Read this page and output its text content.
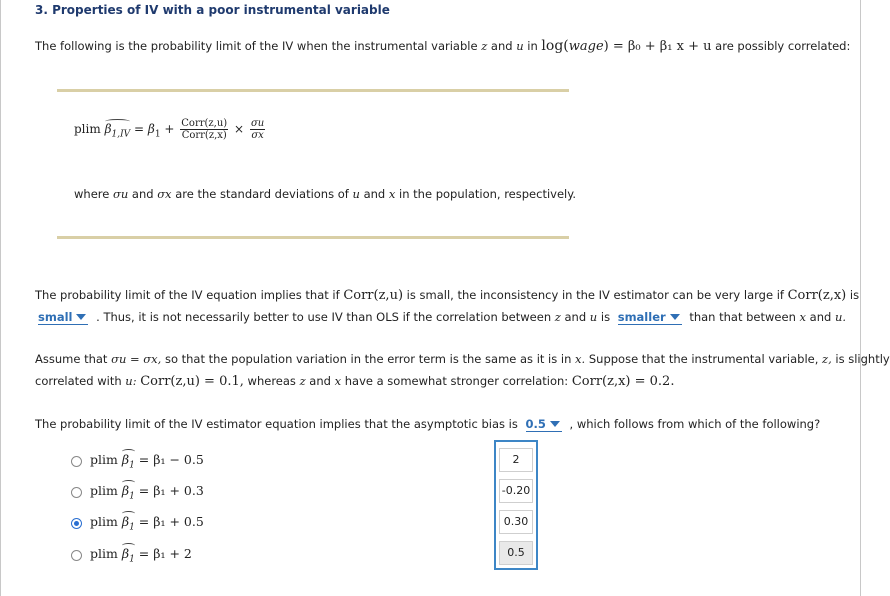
3. Properties of IV with a poor instrumental variable
The following is the probability limit of the IV when the instrumental variable z and u in log(wage) = β₀ + β₁ x + u are possibly correlated:
plim $\beta_{1,IV} = \beta_1 + \frac{\text{Corr(z,u)}}{\text{Corr(z,x)}} \times \frac{\sigma u}{\sigma x}$
where σu and σx are the standard deviations of u and x in the population, respectively.
The probability limit of the IV equation implies that if Corr(z,u) is small, the inconsistency in the IV estimator can be very large if Corr(z,x) is
small . Thus, it is not necessarily better to use IV than OLS if the correlation between z and u is smaller than that between x and u.
Assume that σu = σx, so that the population variation in the error term is the same as it is in x. Suppose that the instrumental variable, z, is slightly
correlated with u: Corr(z,u) = 0.1, whereas z and x have a somewhat stronger correlation: Corr(z,x) = 0.2.
The probability limit of the IV estimator equation implies that the asymptotic bias is 0.5 , which follows from which of the following?
plim $\beta_1 = \beta_1 - 0.5$
plim $\beta_1 = \beta_1 + 0.3$
plim $\beta_1 = \beta_1 + 0.5$
plim $\beta_1 = \beta_1 + 2$
2
-0.20
0.30
0.5
